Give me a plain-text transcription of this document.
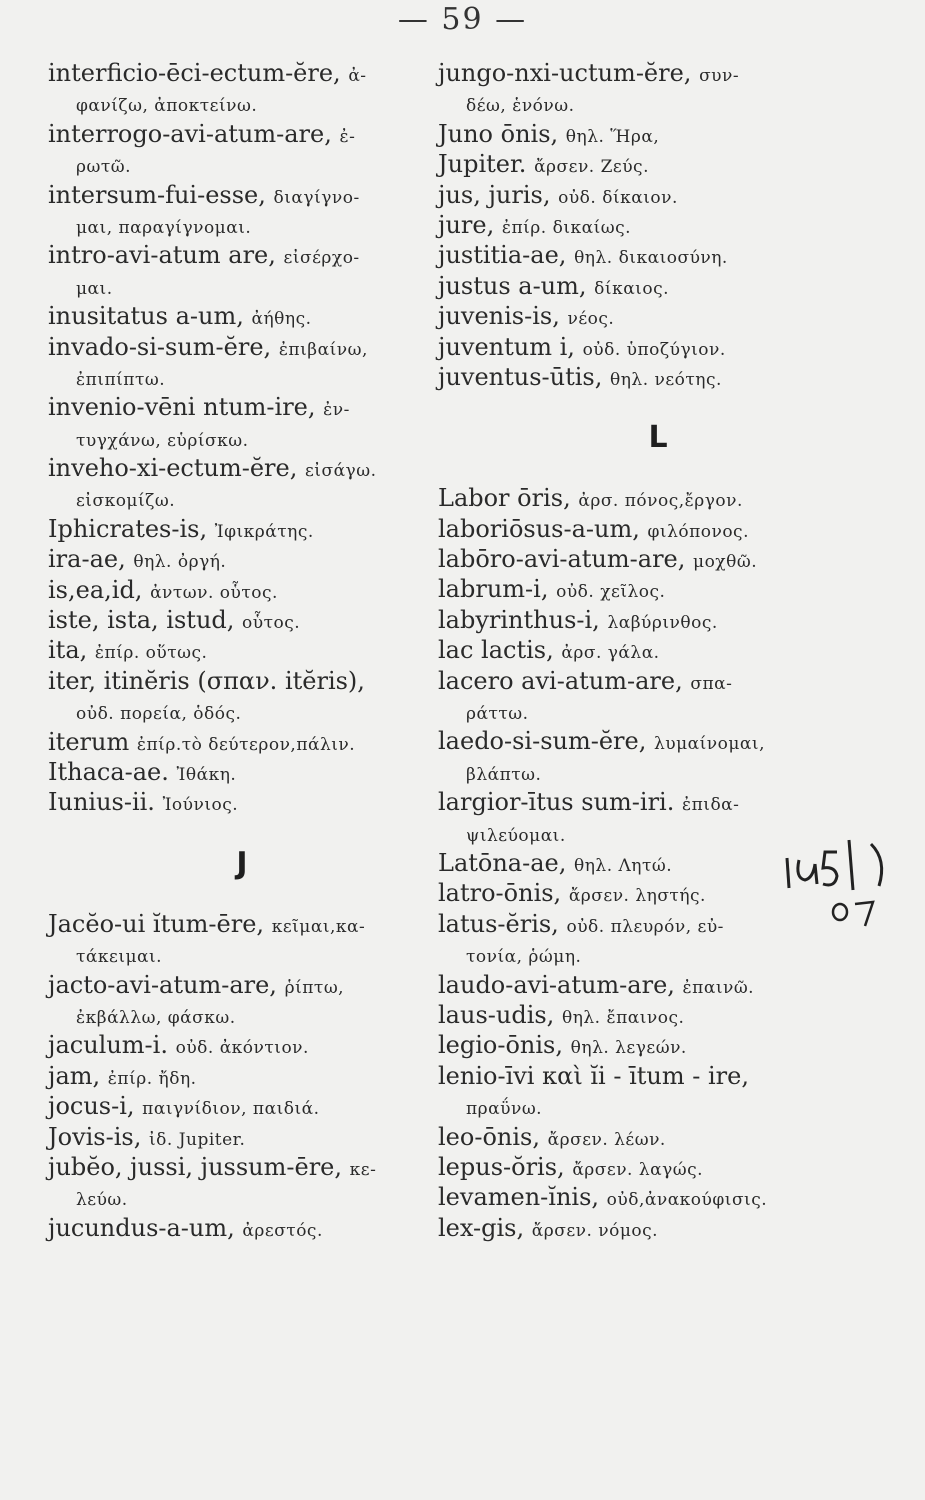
— 59 —
interficio-ēci-ectum-ĕre, ἀ-
φανίζω, ἀποκτείνω.
interrogo-avi-atum-are, ἐ-
ρωτῶ.
intersum-fui-esse, διαγίγνο-
μαι, παραγίγνομαι.
intro-avi-atum are, εἰσέρχο-
μαι.
inusitatus a-um, ἀήθης.
invado-si-sum-ĕre, ἐπιβαίνω,
ἐπιπίπτω.
invenio-vēni ntum-ire, ἐν-
τυγχάνω, εὑρίσκω.
inveho-xi-ectum-ĕre, εἰσάγω.
εἰσκομίζω.
Iphicrates-is, Ἰφικράτης.
ira-ae, θηλ. ὀργή.
is,ea,id, ἀντων. οὗτος.
iste, ista, istud, οὗτος.
ita, ἐπίρ. οὕτως.
iter, itinĕris (σπαν. itĕris),
οὐδ. πορεία, ὁδός.
iterum ἐπίρ.τὸ δεύτερον,πάλιν.
Ithaca-ae. Ἰθάκη.
Iunius-ii. Ἰούνιος.
J
Jacĕo-ui ĭtum-ēre, κεῖμαι,κα-
τάκειμαι.
jacto-avi-atum-are, ῥίπτω,
ἐκβάλλω, φάσκω.
jaculum-i. οὐδ. ἀκόντιον.
jam, ἐπίρ. ἤδη.
jocus-i, παιγνίδιον, παιδιά.
Jovis-is, ἰδ. Jupiter.
jubĕo, jussi, jussum-ēre, κε-
λεύω.
jucundus-a-um, ἀρεστός.
jungo-nxi-uctum-ĕre, συν-
δέω, ἑνόνω.
Juno ōnis, θηλ. Ἥρα,
Jupiter. ἄρσεν. Ζεύς.
jus, juris, οὐδ. δίκαιον.
jure, ἐπίρ. δικαίως.
justitia-ae, θηλ. δικαιοσύνη.
justus a-um, δίκαιος.
juvenis-is, νέος.
juventum i, οὐδ. ὑποζύγιον.
juventus-ūtis, θηλ. νεότης.
L
Labor ōris, ἀρσ. πόνος,ἔργον.
laboriōsus-a-um, φιλόπονος.
labōro-avi-atum-are, μοχθῶ.
labrum-i, οὐδ. χεῖλος.
labyrinthus-i, λαβύρινθος.
lac lactis, ἀρσ. γάλα.
lacero avi-atum-are, σπα-
ράττω.
laedo-si-sum-ĕre, λυμαίνομαι,
βλάπτω.
largior-ītus sum-iri. ἐπιδα-
ψιλεύομαι.
Latōna-ae, θηλ. Λητώ.
latro-ōnis, ἄρσεν. ληστής.
latus-ĕris, οὐδ. πλευρόν, εὐ-
τονία, ῥώμη.
laudo-avi-atum-are, ἐπαινῶ.
laus-udis, θηλ. ἔπαινος.
legio-ōnis, θηλ. λεγεών.
lenio-īvi καὶ ĭi - ītum - ire,
πραΰνω.
leo-ōnis, ἄρσεν. λέων.
lepus-ŏris, ἄρσεν. λαγώς.
levamen-ĭnis, οὐδ,ἀνακούφισις.
lex-gis, ἄρσεν. νόμος.
